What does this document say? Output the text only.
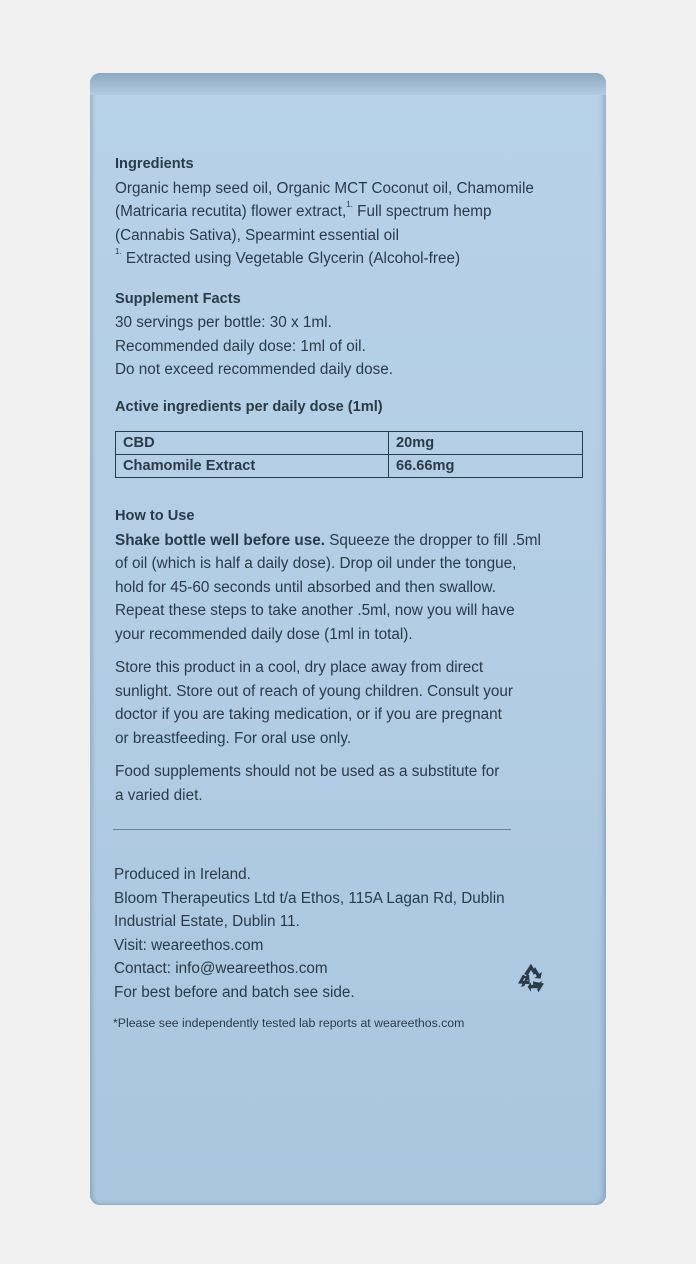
Ingredients

Organic hemp seed oil, Organic MCT Coconut oil, Chamomile

(Matricaria recutita) flower extract,$^{1.}$ Full spectrum hemp

(Cannabis Sativa), Spearmint essential oil

$^{1.}$ Extracted using Vegetable Glycerin (Alcohol-free)

Supplement Facts

30 servings per bottle: 30 x 1ml.

Recommended daily dose: 1ml of oil.

Do not exceed recommended daily dose.

Active ingredients per daily dose (1ml)

CBD	20mg
Chamomile Extract	66.66mg

How to Use

Shake bottle well before use. Squeeze the dropper to fill .5ml

of oil (which is half a daily dose). Drop oil under the tongue,

hold for 45-60 seconds until absorbed and then swallow.

Repeat these steps to take another .5ml, now you will have

your recommended daily dose (1ml in total).

Store this product in a cool, dry place away from direct

sunlight. Store out of reach of young children. Consult your

doctor if you are taking medication, or if you are pregnant

or breastfeeding. For oral use only.

Food supplements should not be used as a substitute for

a varied diet.

Produced in Ireland.

Bloom Therapeutics Ltd t/a Ethos, 115A Lagan Rd, Dublin

Industrial Estate, Dublin 11.

Visit: weareethos.com

Contact: info@weareethos.com

For best before and batch see side.

*Please see independently tested lab reports at weareethos.com
